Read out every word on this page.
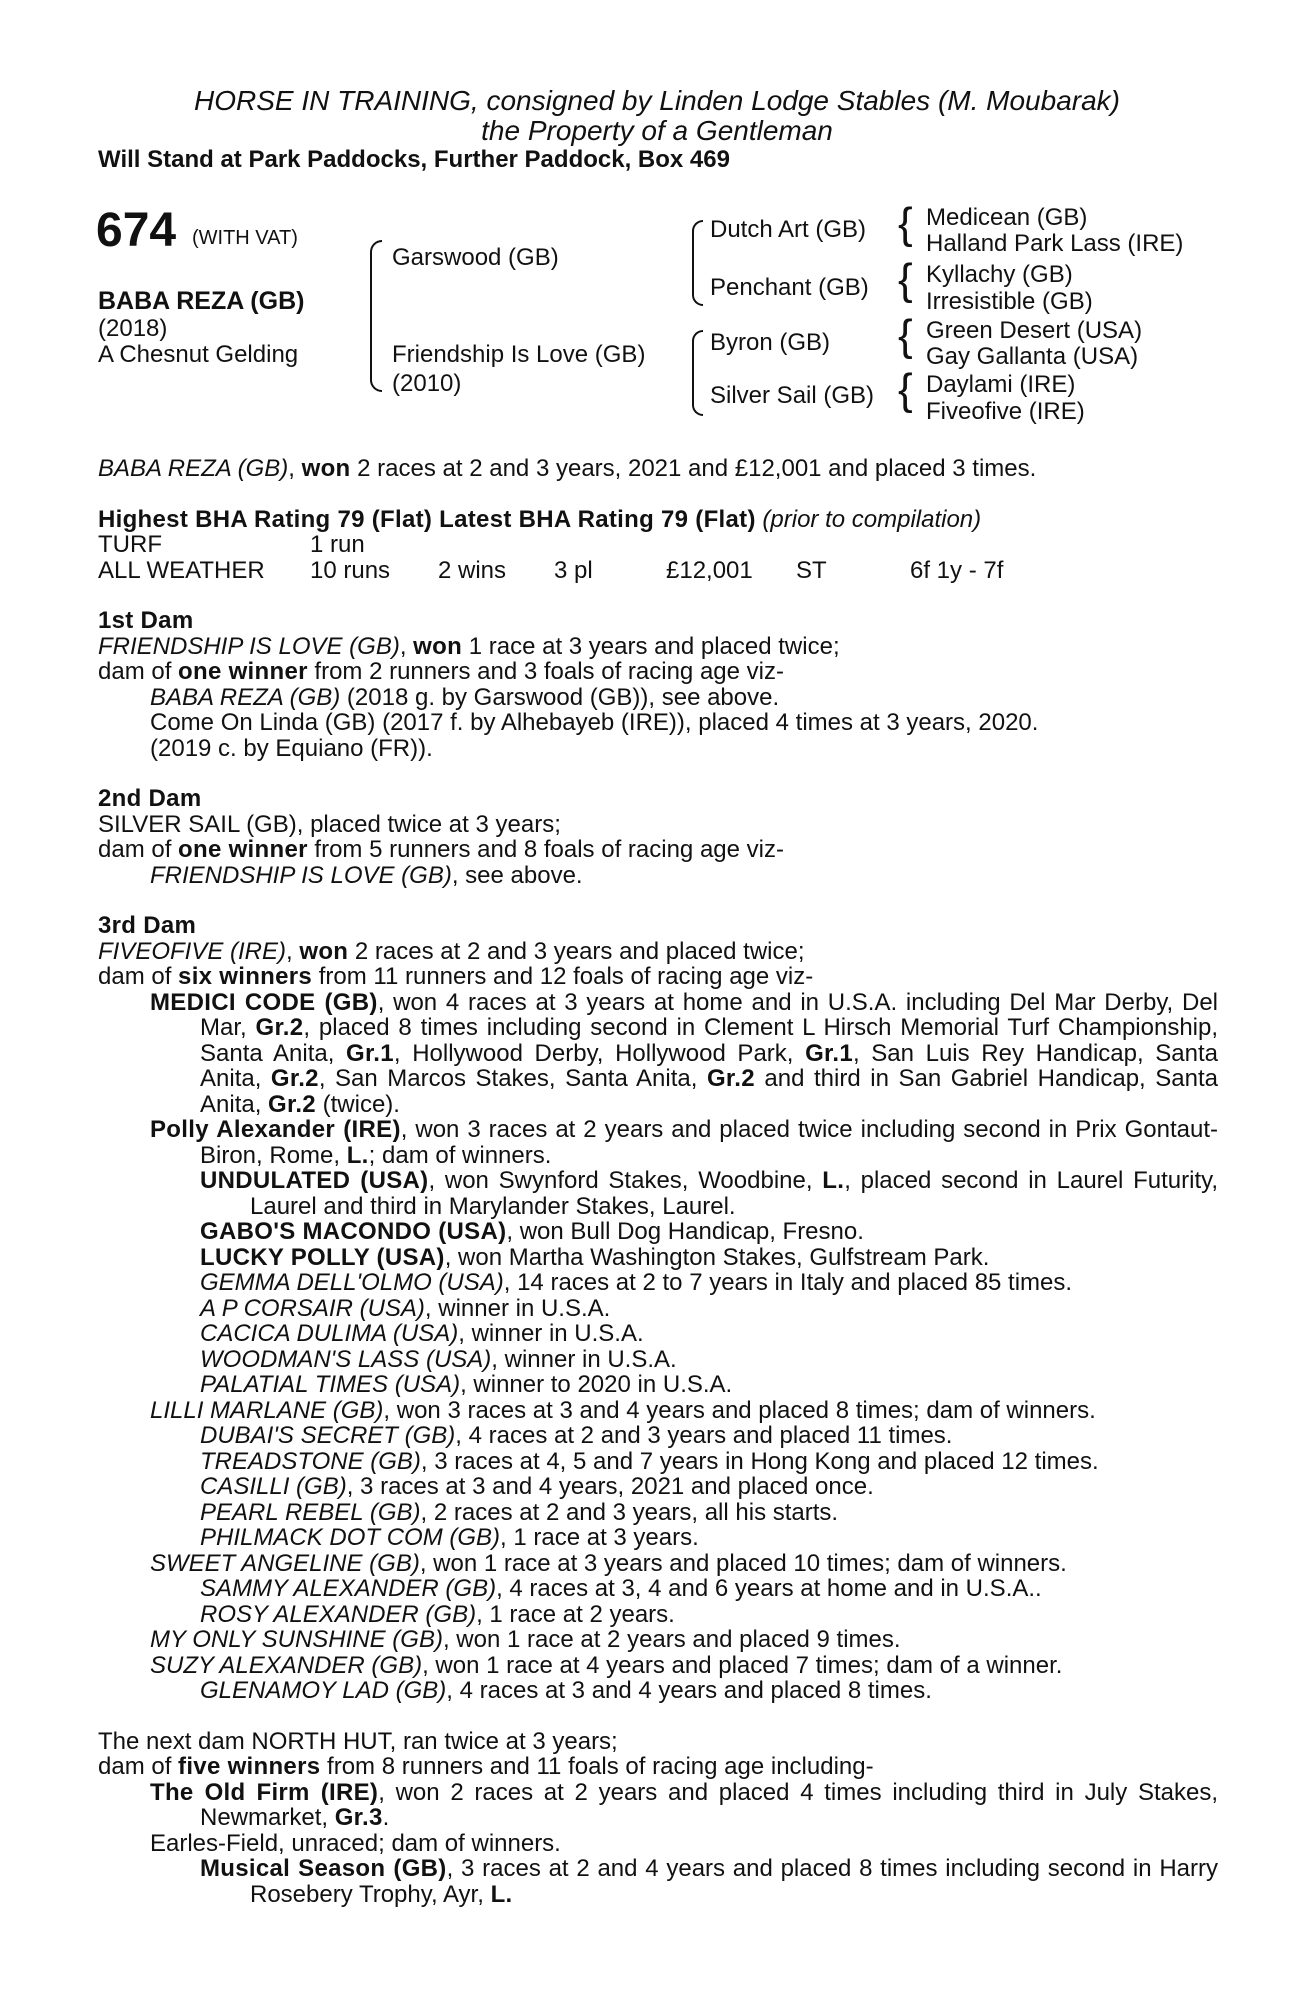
HORSE IN TRAINING, consigned by Linden Lodge Stables (M. Moubarak)
the Property of a Gentleman
Will Stand at Park Paddocks, Further Paddock, Box 469
674 (WITH VAT)
BABA REZA (GB)
(2018)
A Chesnut Gelding
Garswood (GB)
Friendship Is Love (GB)
(2010)
Dutch Art (GB)
Penchant (GB)
Byron (GB)
Silver Sail (GB)
{
{
{
{
Medicean (GB)
Halland Park Lass (IRE)
Kyllachy (GB)
Irresistible (GB)
Green Desert (USA)
Gay Gallanta (USA)
Daylami (IRE)
Fiveofive (IRE)
BABA REZA (GB), won 2 races at 2 and 3 years, 2021 and £12,001 and placed 3 times.
Highest BHA Rating 79 (Flat) Latest BHA Rating 79 (Flat) (prior to compilation)
TURF	1 run
ALL WEATHER	10 runs	2 wins	3 pl	£12,001	ST	6f 1y - 7f
1st Dam
FRIENDSHIP IS LOVE (GB), won 1 race at 3 years and placed twice;
dam of one winner from 2 runners and 3 foals of racing age viz-
BABA REZA (GB) (2018 g. by Garswood (GB)), see above.
Come On Linda (GB) (2017 f. by Alhebayeb (IRE)), placed 4 times at 3 years, 2020.
(2019 c. by Equiano (FR)).
2nd Dam
SILVER SAIL (GB), placed twice at 3 years;
dam of one winner from 5 runners and 8 foals of racing age viz-
FRIENDSHIP IS LOVE (GB), see above.
3rd Dam
FIVEOFIVE (IRE), won 2 races at 2 and 3 years and placed twice;
dam of six winners from 11 runners and 12 foals of racing age viz-
MEDICI CODE (GB), won 4 races at 3 years at home and in U.S.A. including Del Mar Derby, Del Mar, Gr.2, placed 8 times including second in Clement L Hirsch Memorial Turf Championship, Santa Anita, Gr.1, Hollywood Derby, Hollywood Park, Gr.1, San Luis Rey Handicap, Santa Anita, Gr.2, San Marcos Stakes, Santa Anita, Gr.2 and third in San Gabriel Handicap, Santa Anita, Gr.2 (twice).
Polly Alexander (IRE), won 3 races at 2 years and placed twice including second in Prix Gontaut-Biron, Rome, L.; dam of winners.
UNDULATED (USA), won Swynford Stakes, Woodbine, L., placed second in Laurel Futurity, Laurel and third in Marylander Stakes, Laurel.
GABO'S MACONDO (USA), won Bull Dog Handicap, Fresno.
LUCKY POLLY (USA), won Martha Washington Stakes, Gulfstream Park.
GEMMA DELL'OLMO (USA), 14 races at 2 to 7 years in Italy and placed 85 times.
A P CORSAIR (USA), winner in U.S.A.
CACICA DULIMA (USA), winner in U.S.A.
WOODMAN'S LASS (USA), winner in U.S.A.
PALATIAL TIMES (USA), winner to 2020 in U.S.A.
LILLI MARLANE (GB), won 3 races at 3 and 4 years and placed 8 times; dam of winners.
DUBAI'S SECRET (GB), 4 races at 2 and 3 years and placed 11 times.
TREADSTONE (GB), 3 races at 4, 5 and 7 years in Hong Kong and placed 12 times.
CASILLI (GB), 3 races at 3 and 4 years, 2021 and placed once.
PEARL REBEL (GB), 2 races at 2 and 3 years, all his starts.
PHILMACK DOT COM (GB), 1 race at 3 years.
SWEET ANGELINE (GB), won 1 race at 3 years and placed 10 times; dam of winners.
SAMMY ALEXANDER (GB), 4 races at 3, 4 and 6 years at home and in U.S.A..
ROSY ALEXANDER (GB), 1 race at 2 years.
MY ONLY SUNSHINE (GB), won 1 race at 2 years and placed 9 times.
SUZY ALEXANDER (GB), won 1 race at 4 years and placed 7 times; dam of a winner.
GLENAMOY LAD (GB), 4 races at 3 and 4 years and placed 8 times.
The next dam NORTH HUT, ran twice at 3 years;
dam of five winners from 8 runners and 11 foals of racing age including-
The Old Firm (IRE), won 2 races at 2 years and placed 4 times including third in July Stakes, Newmarket, Gr.3.
Earles-Field, unraced; dam of winners.
Musical Season (GB), 3 races at 2 and 4 years and placed 8 times including second in Harry Rosebery Trophy, Ayr, L.
